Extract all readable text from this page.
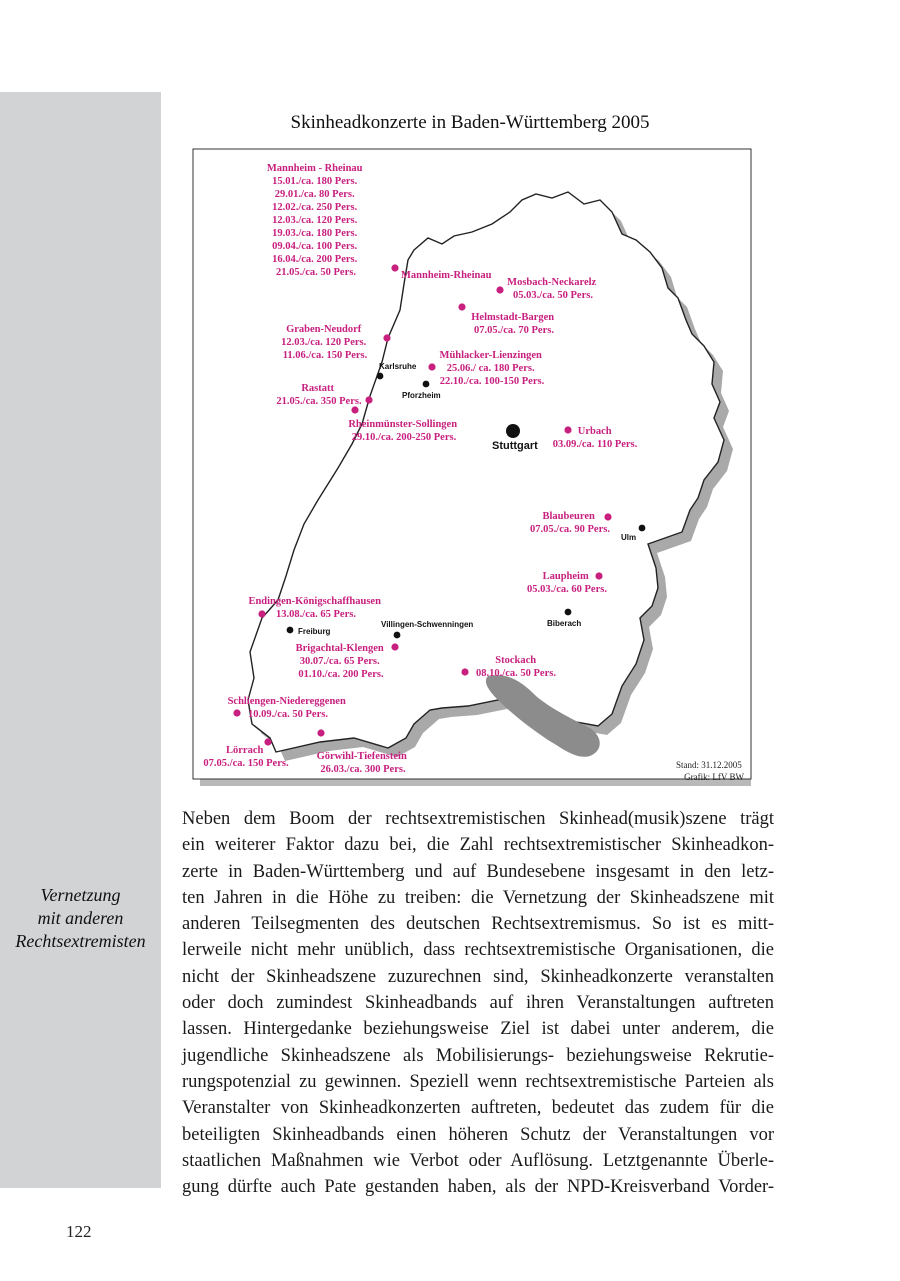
Vernetzung
mit anderen
Rechtsextremisten
Skinheadkonzerte in Baden-Württemberg 2005
Karlsruhe
Pforzheim
Stuttgart
Ulm
Freiburg
Villingen-Schwenningen	Biberach
Mannheim - Rheinau 15.01./ca. 180 Pers. 29.01./ca. 80 Pers. 12.02./ca. 250 Pers. 12.03./ca. 120 Pers. 19.03./ca. 180 Pers. 09.04./ca. 100 Pers. 16.04./ca. 200 Pers. 21.05./ca. 50 Pers.	Mannheim-Rheinau
Mosbach-Neckarelz 05.03./ca. 50 Pers.
Helmstadt-Bargen 07.05./ca. 70 Pers.
Graben-Neudorf 12.03./ca. 120 Pers. 11.06./ca. 150 Pers.	Mühlacker-Lienzingen 25.06./ ca. 180 Pers. 22.10./ca. 100-150 Pers.
Rastatt 21.05./ca. 350 Pers.
Rheinmünster-Sollingen 29.10./ca. 200-250 Pers.
Urbach 03.09./ca. 110 Pers.
Blaubeuren 07.05./ca. 90 Pers.
Laupheim 05.03./ca. 60 Pers.
Endingen-Königschaffhausen 13.08./ca. 65 Pers.
Brigachtal-Klengen 30.07./ca. 65 Pers. 01.10./ca. 200 Pers.
Stockach 08.10./ca. 50 Pers.
Schliengen-Niedereggenen 10.09./ca. 50 Pers.
Lörrach 07.05./ca. 150 Pers.
Görwihl-Tiefenstein 26.03./ca. 300 Pers.	Stand: 31.12.2005 Grafik: LfV BW
Neben dem Boom der rechtsextremistischen Skinhead(musik)szene trägt
ein weiterer Faktor dazu bei, die Zahl rechtsextremistischer Skinheadkon-
zerte in Baden-Württemberg und auf Bundesebene insgesamt in den letz-
ten Jahren in die Höhe zu treiben: die Vernetzung der Skinheadszene mit
anderen Teilsegmenten des deutschen Rechtsextremismus. So ist es mitt-
lerweile nicht mehr unüblich, dass rechtsextremistische Organisationen, die
nicht der Skinheadszene zuzurechnen sind, Skinheadkonzerte veranstalten
oder doch zumindest Skinheadbands auf ihren Veranstaltungen auftreten
lassen. Hintergedanke beziehungsweise Ziel ist dabei unter anderem, die
jugendliche Skinheadszene als Mobilisierungs- beziehungsweise Rekrutie-
rungspotenzial zu gewinnen. Speziell wenn rechtsextremistische Parteien als
Veranstalter von Skinheadkonzerten auftreten, bedeutet das zudem für die
beteiligten Skinheadbands einen höheren Schutz der Veranstaltungen vor
staatlichen Maßnahmen wie Verbot oder Auflösung. Letztgenannte Überle-
gung dürfte auch Pate gestanden haben, als der NPD-Kreisverband Vorder-
122
